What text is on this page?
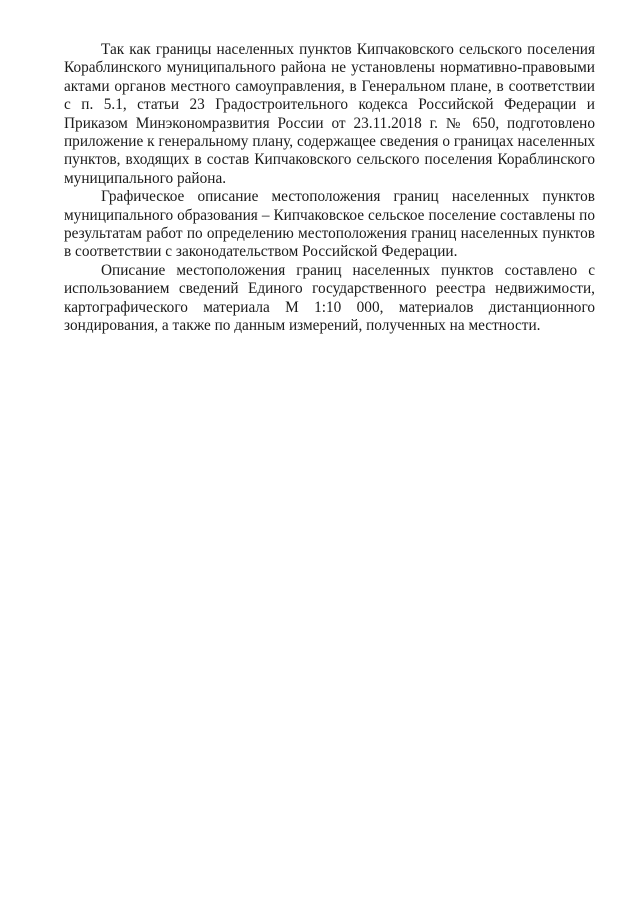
Так как границы населенных пунктов Кипчаковского сельского поселения Кораблинского муниципального района не установлены нормативно-правовыми актами органов местного самоуправления, в Генеральном плане, в соответствии с п. 5.1, статьи 23 Градостроительного кодекса Российской Федерации и Приказом Минэкономразвития России от 23.11.2018 г. № 650, подготовлено приложение к генеральному плану, содержащее сведения о границах населенных пунктов, входящих в состав Кипчаковского сельского поселения Кораблинского муниципального района.

Графическое описание местоположения границ населенных пунктов муниципального образования – Кипчаковское сельское поселение составлены по результатам работ по определению местоположения границ населенных пунктов в соответствии с законодательством Российской Федерации.

Описание местоположения границ населенных пунктов составлено с использованием сведений Единого государственного реестра недвижимости, картографического материала М 1:10 000, материалов дистанционного зондирования, а также по данным измерений, полученных на местности.
